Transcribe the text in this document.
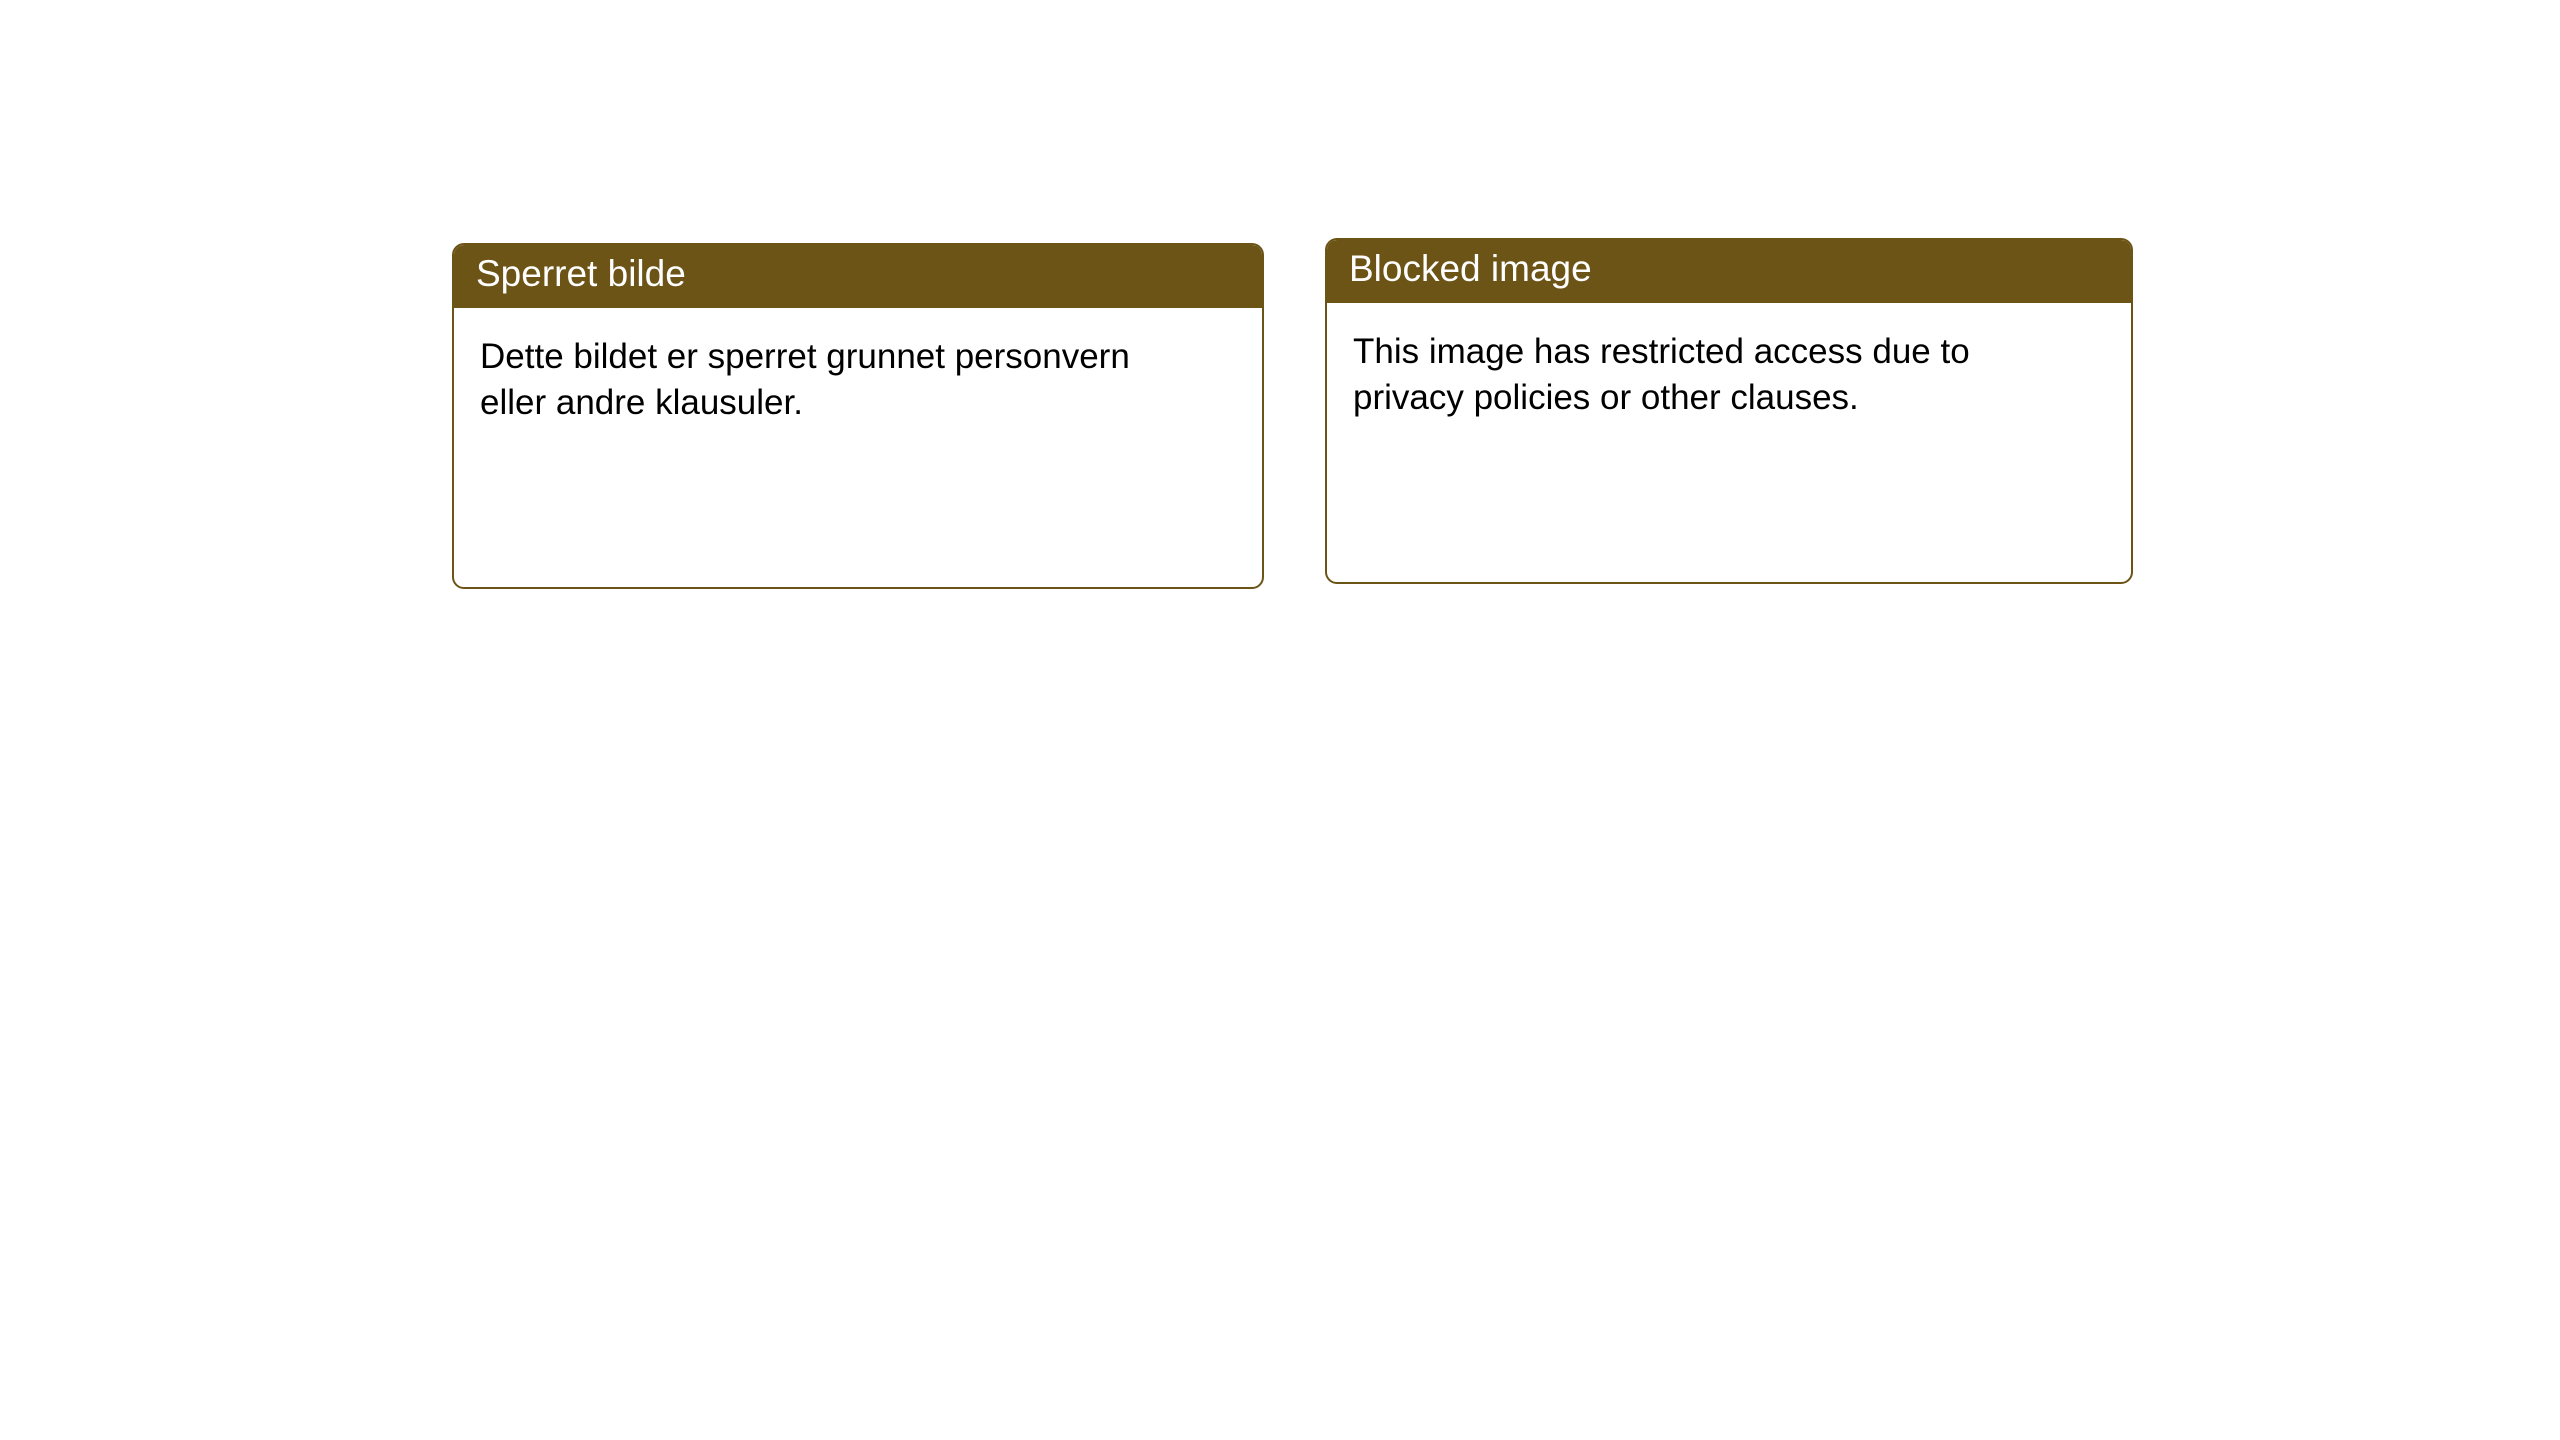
Sperret bilde
Dette bildet er sperret grunnet personvern eller andre klausuler.
Blocked image
This image has restricted access due to privacy policies or other clauses.
